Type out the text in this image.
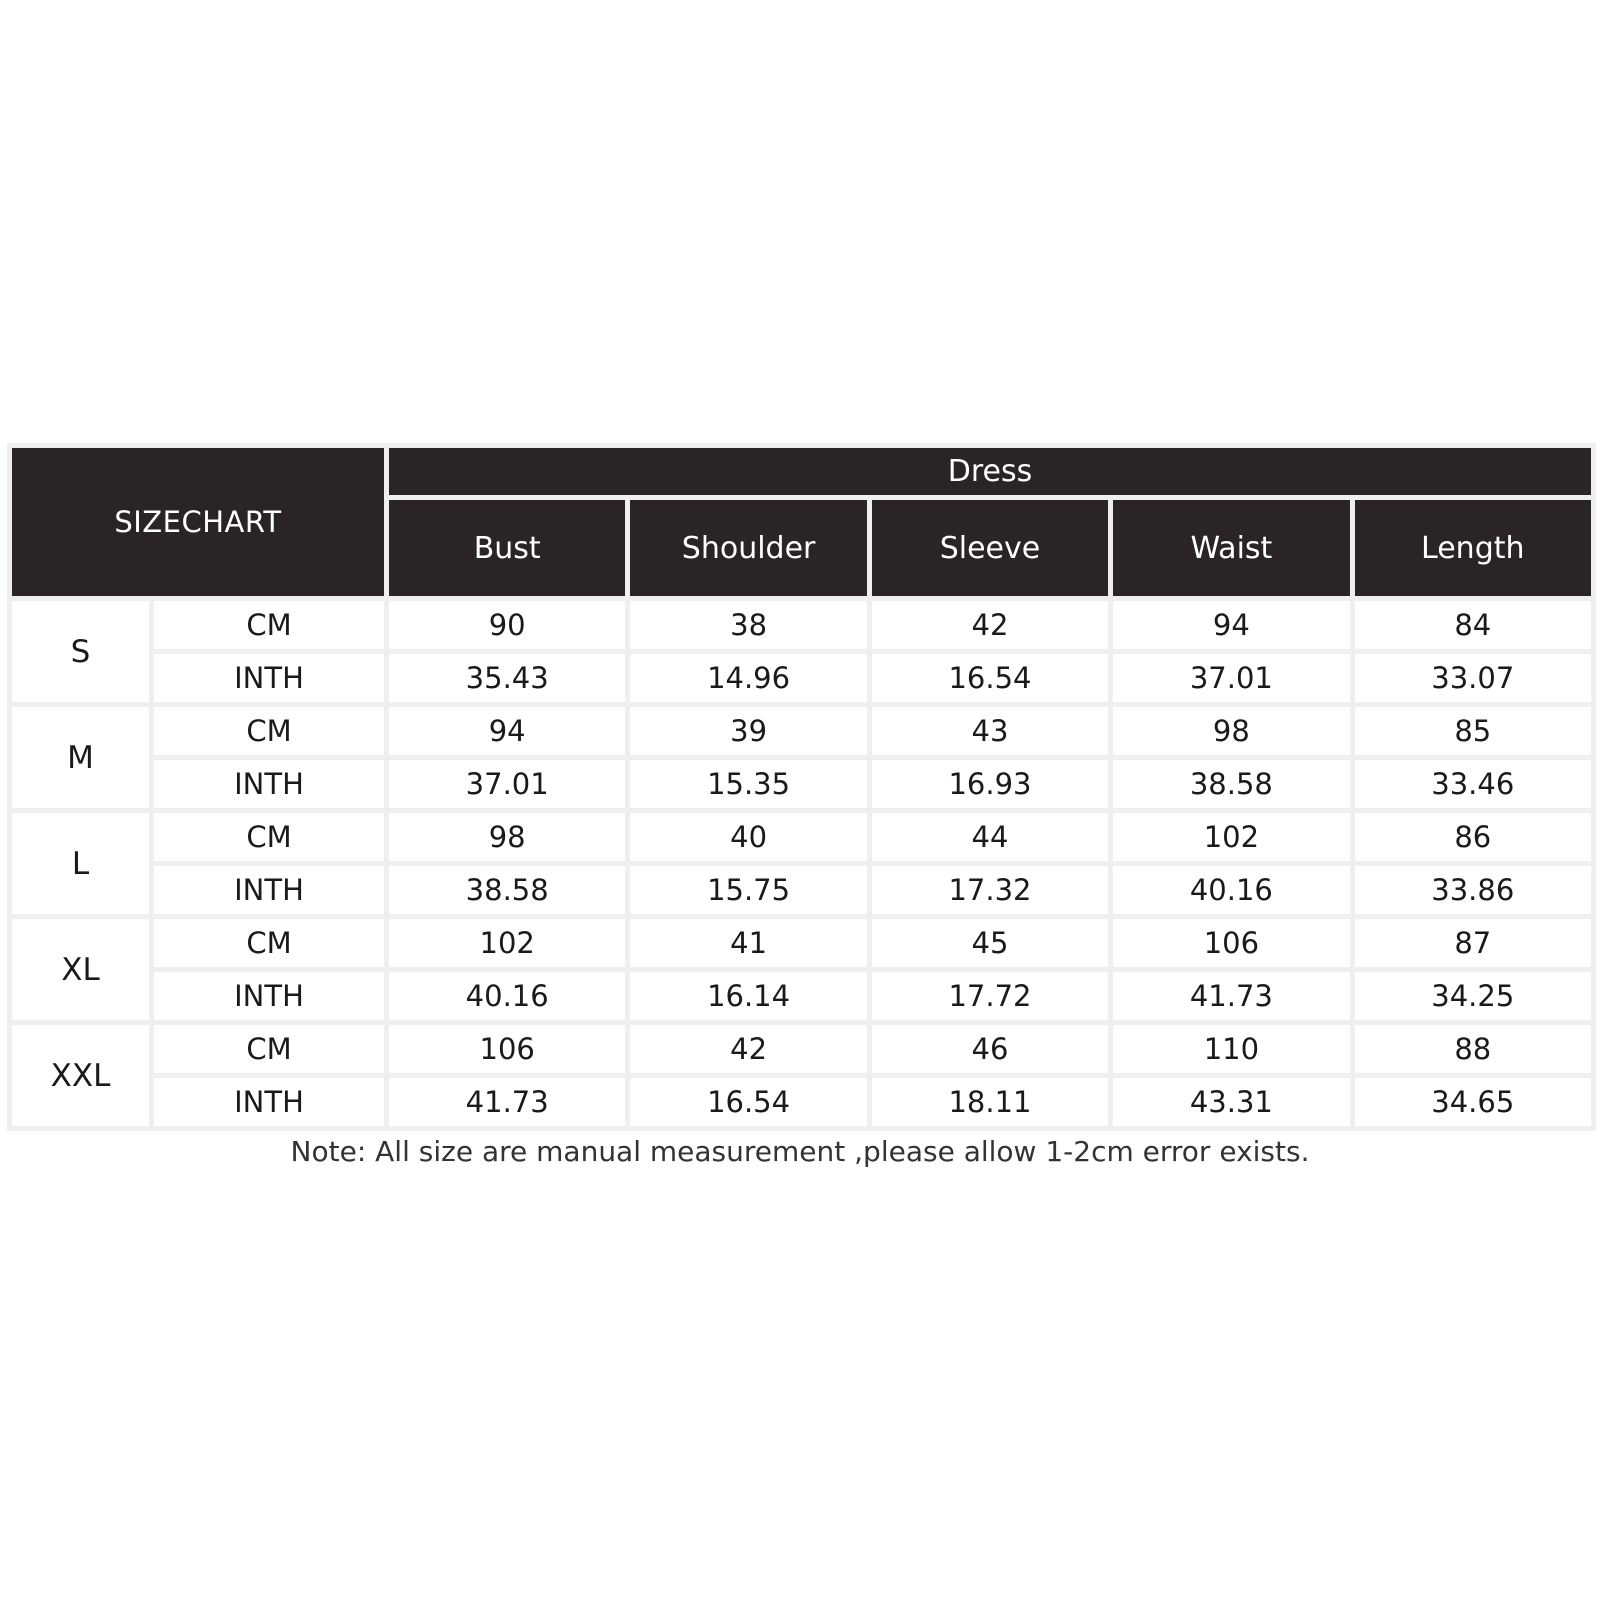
SIZECHART		Dress				
		Bust	Shoulder	Sleeve	Waist	Length
S	CM	90	38	42	94	84
	INTH	35.43	14.96	16.54	37.01	33.07
M	CM	94	39	43	98	85
	INTH	37.01	15.35	16.93	38.58	33.46
L	CM	98	40	44	102	86
	INTH	38.58	15.75	17.32	40.16	33.86
XL	CM	102	41	45	106	87
	INTH	40.16	16.14	17.72	41.73	34.25
XXL	CM	106	42	46	110	88
	INTH	41.73	16.54	18.11	43.31	34.65
Note: All size are manual measurement ,please allow 1-2cm error exists.
